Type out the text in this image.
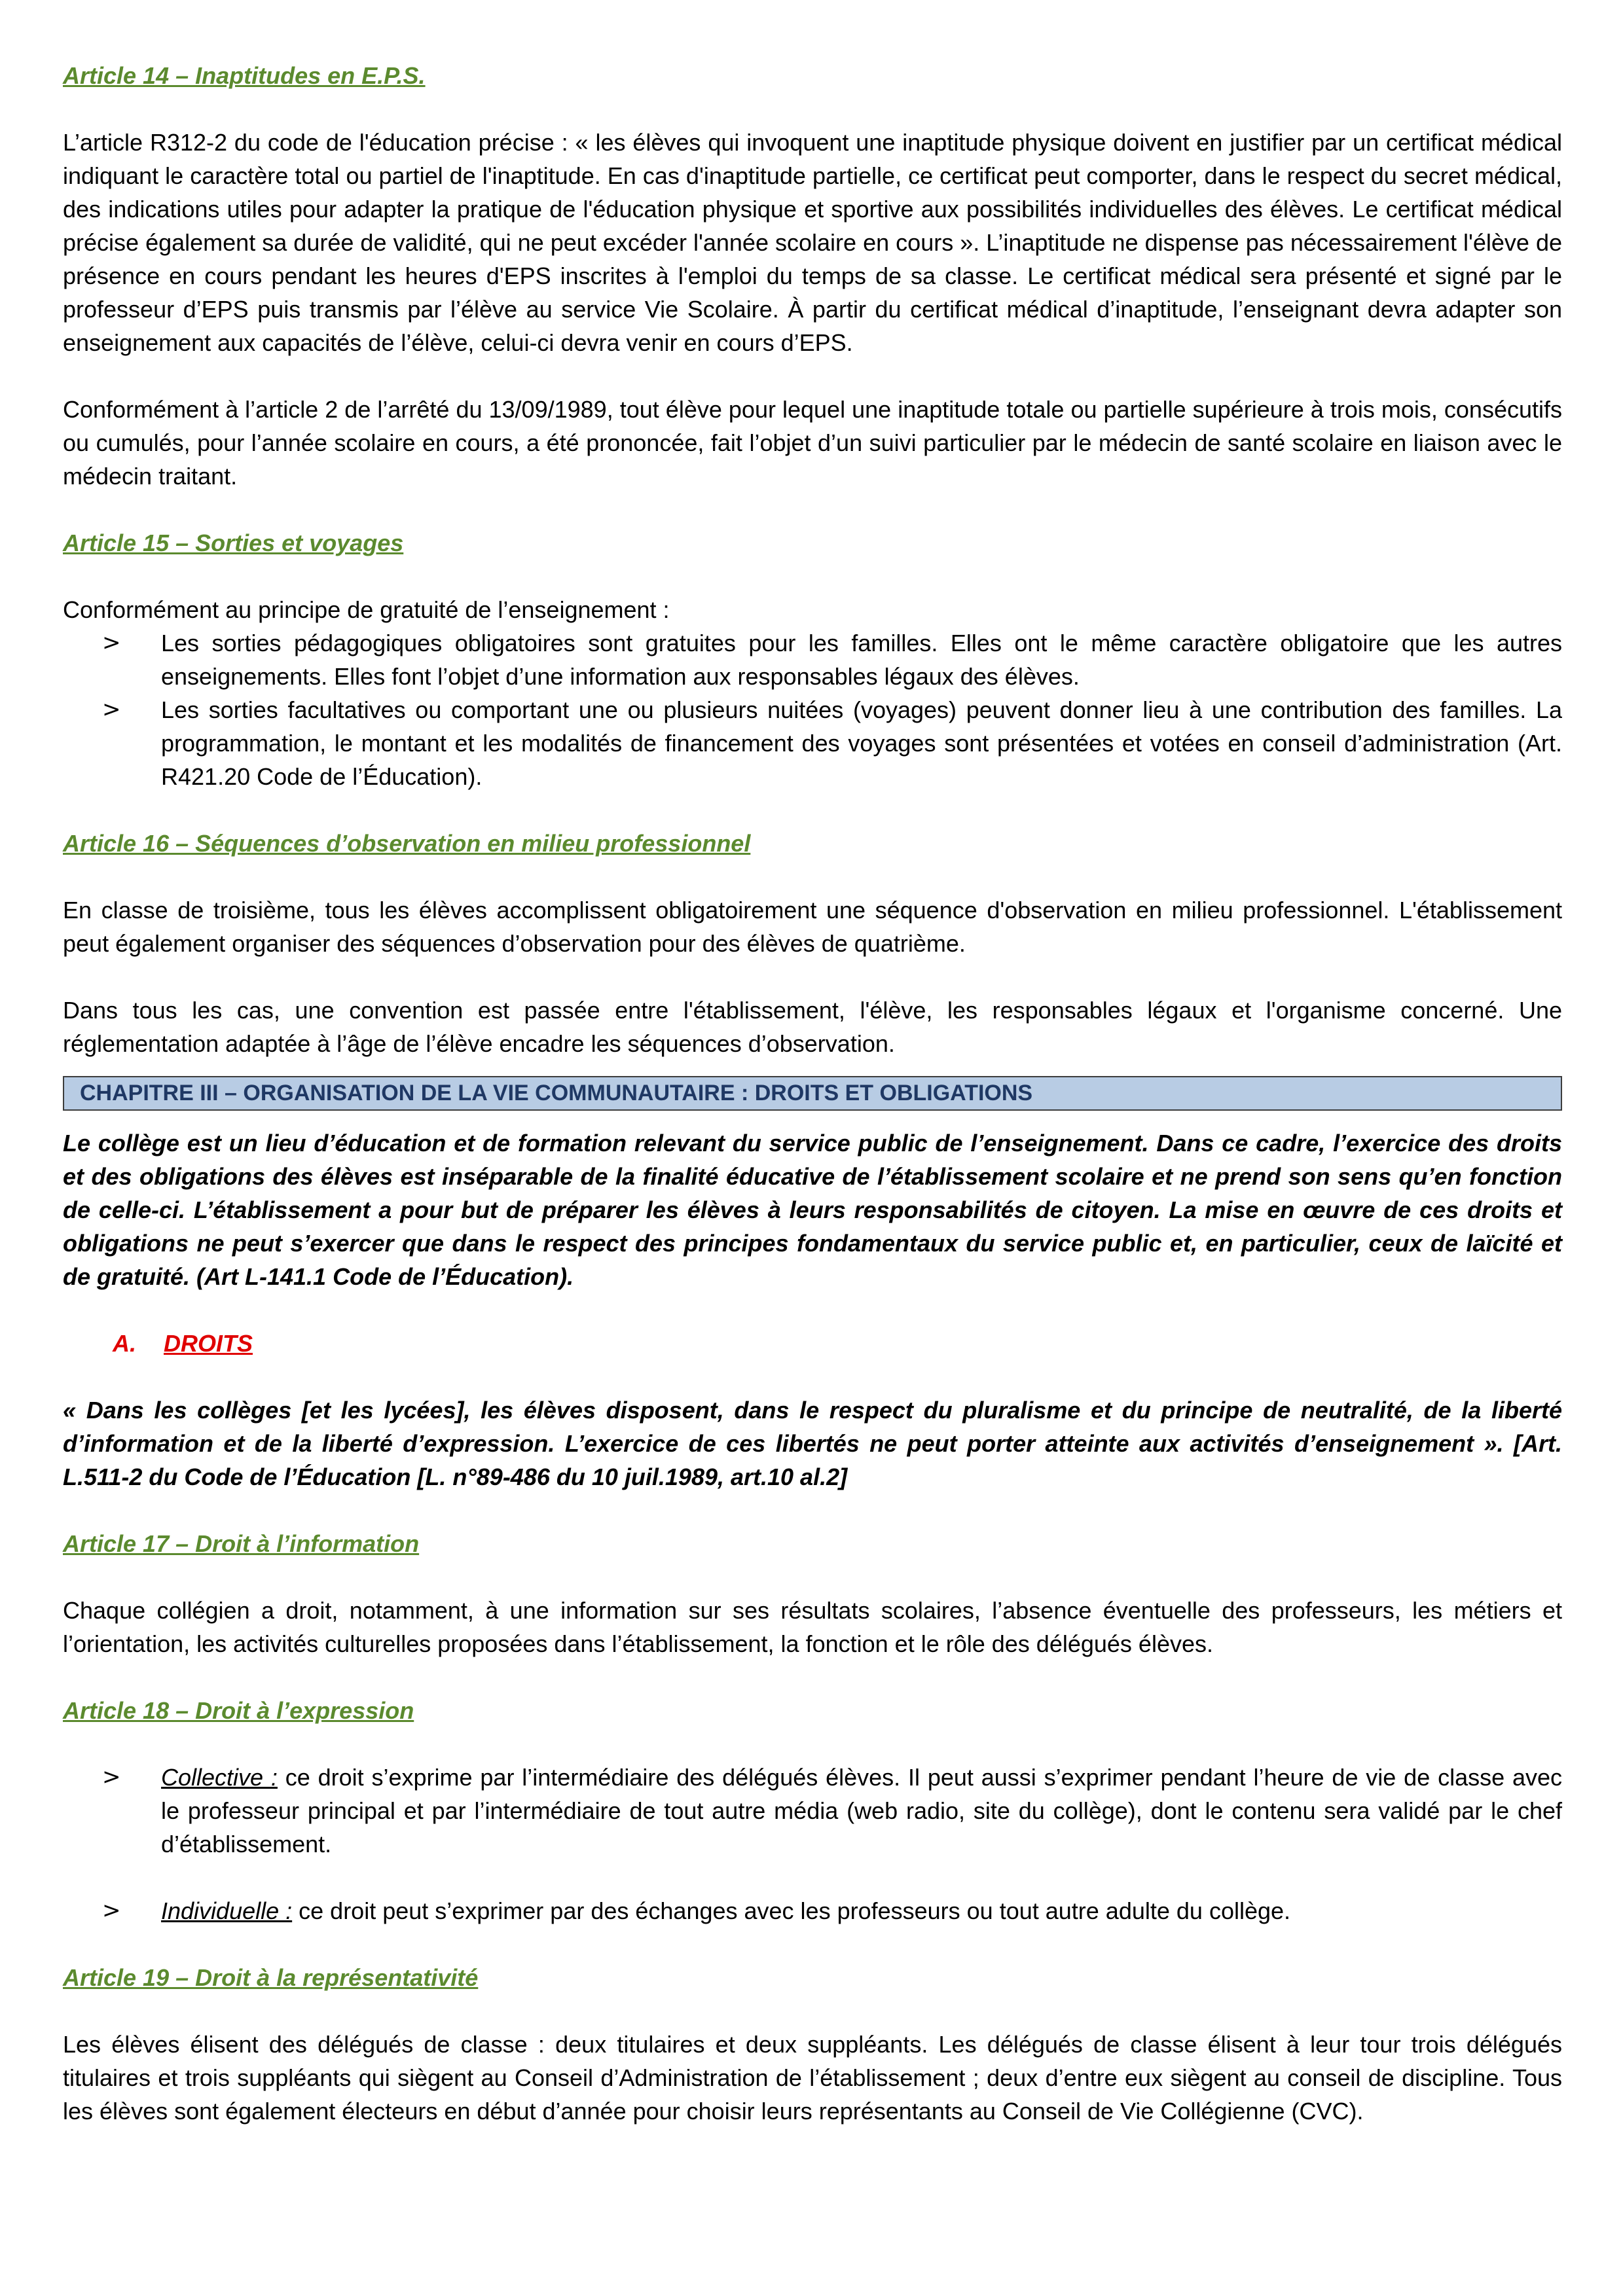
Article 14 – Inaptitudes en E.P.S.

L’article R312-2 du code de l'éducation précise : « les élèves qui invoquent une inaptitude physique doivent en justifier par un certificat médical indiquant le caractère total ou partiel de l'inaptitude. En cas d'inaptitude partielle, ce certificat peut comporter, dans le respect du secret médical, des indications utiles pour adapter la pratique de l'éducation physique et sportive aux possibilités individuelles des élèves. Le certificat médical précise également sa durée de validité, qui ne peut excéder l'année scolaire en cours ». L’inaptitude ne dispense pas nécessairement l'élève de présence en cours pendant les heures d'EPS inscrites à l'emploi du temps de sa classe. Le certificat médical sera présenté et signé par le professeur d’EPS puis transmis par l’élève au service Vie Scolaire. À partir du certificat médical d’inaptitude, l’enseignant devra adapter son enseignement aux capacités de l’élève, celui-ci devra venir en cours d’EPS.

Conformément à l’article 2 de l’arrêté du 13/09/1989, tout élève pour lequel une inaptitude totale ou partielle supérieure à trois mois, consécutifs ou cumulés, pour l’année scolaire en cours, a été prononcée, fait l’objet d’un suivi particulier par le médecin de santé scolaire en liaison avec le médecin traitant.

Article 15 – Sorties et voyages

Conformément au principe de gratuité de l’enseignement :

> Les sorties pédagogiques obligatoires sont gratuites pour les familles. Elles ont le même caractère obligatoire que les autres enseignements. Elles font l’objet d’une information aux responsables légaux des élèves.
> Les sorties facultatives ou comportant une ou plusieurs nuitées (voyages) peuvent donner lieu à une contribution des familles. La programmation, le montant et les modalités de financement des voyages sont présentées et votées en conseil d’administration (Art. R421.20 Code de l’Éducation).

Article 16 – Séquences d’observation en milieu professionnel

En classe de troisième, tous les élèves accomplissent obligatoirement une séquence d'observation en milieu professionnel. L'établissement peut également organiser des séquences d’observation pour des élèves de quatrième.

Dans tous les cas, une convention est passée entre l'établissement, l'élève, les responsables légaux et l'organisme concerné. Une réglementation adaptée à l’âge de l’élève encadre les séquences d’observation.

CHAPITRE III – ORGANISATION DE LA VIE COMMUNAUTAIRE : DROITS ET OBLIGATIONS

Le collège est un lieu d’éducation et de formation relevant du service public de l’enseignement. Dans ce cadre, l’exercice des droits et des obligations des élèves est inséparable de la finalité éducative de l’établissement scolaire et ne prend son sens qu’en fonction de celle-ci. L’établissement a pour but de préparer les élèves à leurs responsabilités de citoyen. La mise en œuvre de ces droits et obligations ne peut s’exercer que dans le respect des principes fondamentaux du service public et, en particulier, ceux de laïcité et de gratuité. (Art L-141.1 Code de l’Éducation).

A. DROITS

« Dans les collèges [et les lycées], les élèves disposent, dans le respect du pluralisme et du principe de neutralité, de la liberté d’information et de la liberté d’expression. L’exercice de ces libertés ne peut porter atteinte aux activités d’enseignement ». [Art. L.511-2 du Code de l’Éducation [L. n°89-486 du 10 juil.1989, art.10 al.2]

Article 17 – Droit à l’information

Chaque collégien a droit, notamment, à une information sur ses résultats scolaires, l’absence éventuelle des professeurs, les métiers et l’orientation, les activités culturelles proposées dans l’établissement, la fonction et le rôle des délégués élèves.

Article 18 – Droit à l’expression

> Collective : ce droit s’exprime par l’intermédiaire des délégués élèves. Il peut aussi s’exprimer pendant l’heure de vie de classe avec le professeur principal et par l’intermédiaire de tout autre média (web radio, site du collège), dont le contenu sera validé par le chef d’établissement.
> Individuelle : ce droit peut s’exprimer par des échanges avec les professeurs ou tout autre adulte du collège.

Article 19 – Droit à la représentativité

Les élèves élisent des délégués de classe : deux titulaires et deux suppléants. Les délégués de classe élisent à leur tour trois délégués titulaires et trois suppléants qui siègent au Conseil d’Administration de l’établissement ; deux d’entre eux siègent au conseil de discipline. Tous les élèves sont également électeurs en début d’année pour choisir leurs représentants au Conseil de Vie Collégienne (CVC).
